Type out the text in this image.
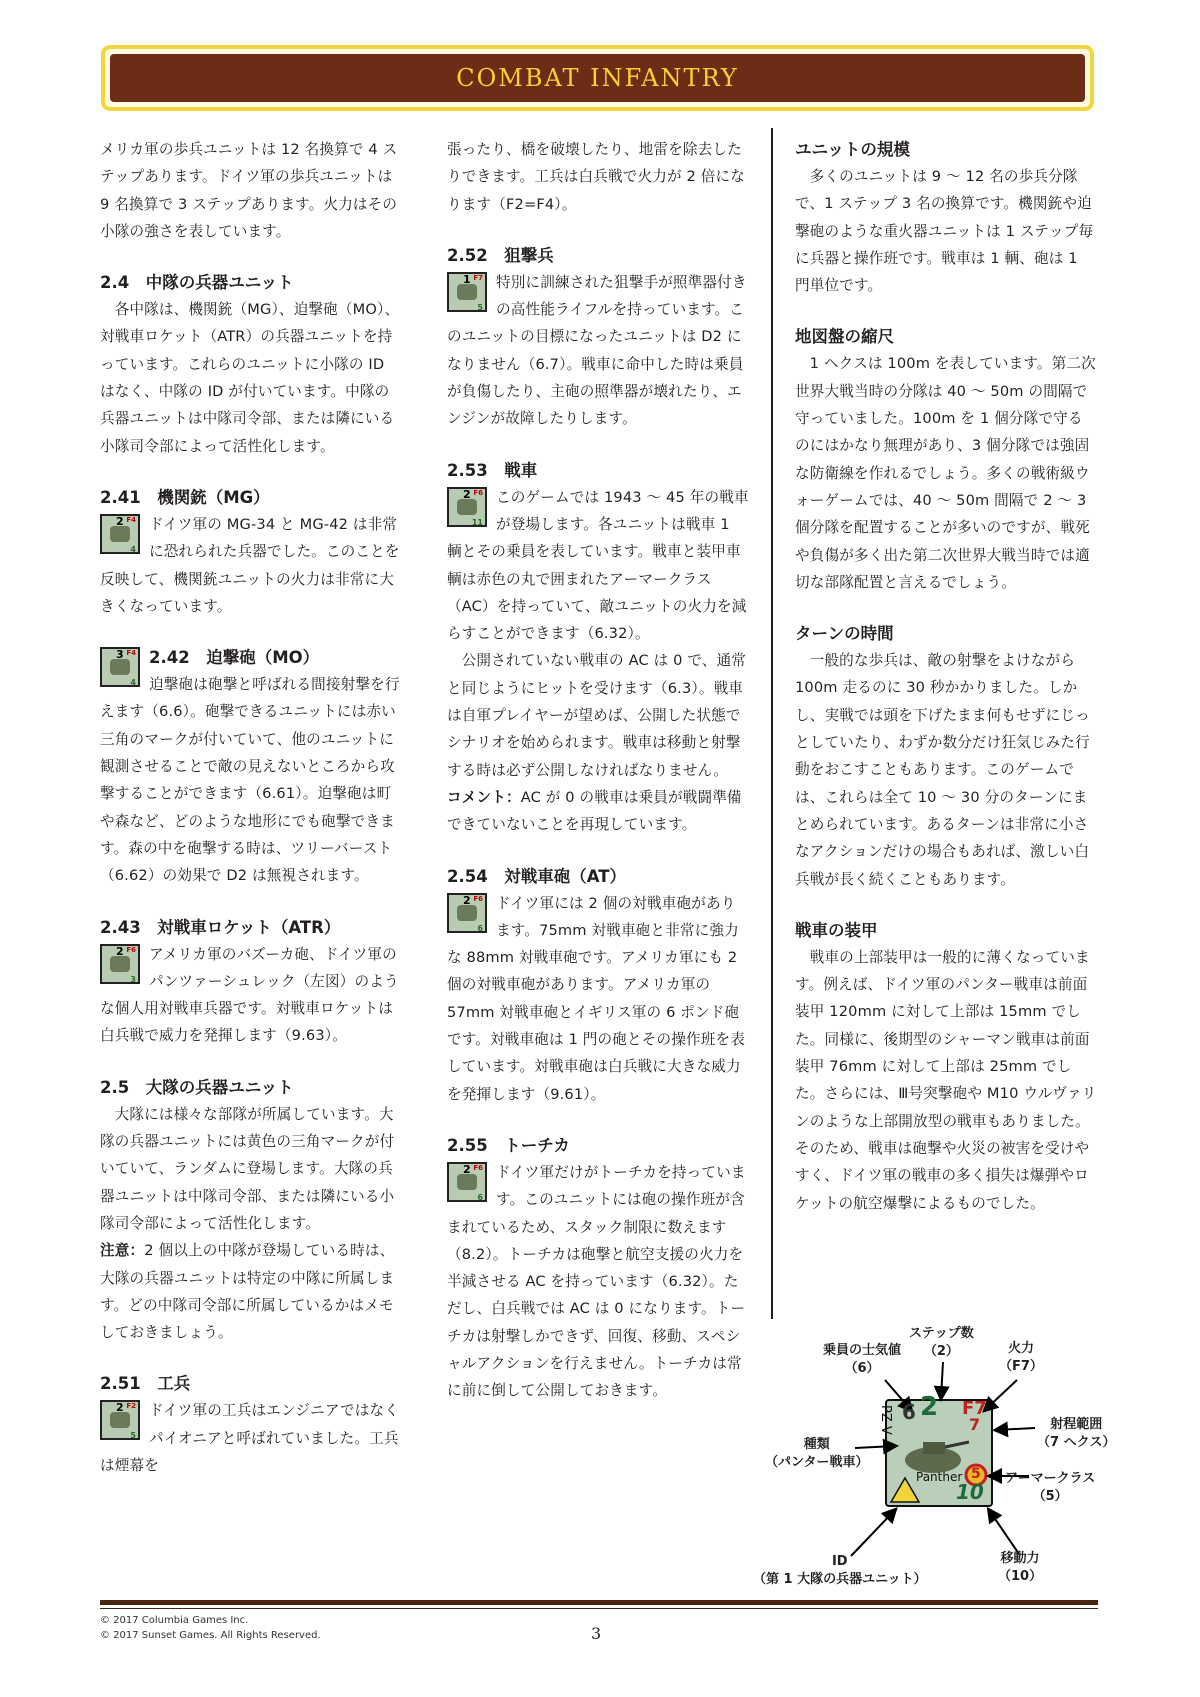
COMBAT INFANTRY

メリカ軍の歩兵ユニットは 12 名換算で 4 ステップあります。ドイツ軍の歩兵ユニットは 9 名換算で 3 ステップあります。火力はその小隊の強さを表しています。

2.4　中隊の兵器ユニット

各中隊は、機関銃（MG）、迫撃砲（MO）、対戦車ロケット（ATR）の兵器ユニットを持っています。これらのユニットに小隊の ID はなく、中隊の ID が付いています。中隊の兵器ユニットは中隊司令部、または隣にいる小隊司令部によって活性化します。

2.41　機関銃（MG）
2 F4
4

ドイツ軍の MG-34 と MG-42 は非常に恐れられた兵器でした。このことを反映して、機関銃ユニットの火力は非常に大きくなっています。

3 F4
4
2.42　迫撃砲（MO）

迫撃砲は砲撃と呼ばれる間接射撃を行えます（6.6）。砲撃できるユニットには赤い三角のマークが付いていて、他のユニットに観測させることで敵の見えないところから攻撃することができます（6.61）。迫撃砲は町や森など、どのような地形にでも砲撃できます。森の中を砲撃する時は、ツリーバースト（6.62）の効果で D2 は無視されます。

2.43　対戦車ロケット（ATR）
2 F6
3

アメリカ軍のバズーカ砲、ドイツ軍のパンツァーシュレック（左図）のような個人用対戦車兵器です。対戦車ロケットは白兵戦で威力を発揮します（9.63）。

2.5　大隊の兵器ユニット

大隊には様々な部隊が所属しています。大隊の兵器ユニットには黄色の三角マークが付いていて、ランダムに登場します。大隊の兵器ユニットは中隊司令部、または隣にいる小隊司令部によって活性化します。

注意：2 個以上の中隊が登場している時は、大隊の兵器ユニットは特定の中隊に所属します。どの中隊司令部に所属しているかはメモしておきましょう。

2.51　工兵
2 F2
5

ドイツ軍の工兵はエンジニアではなくパイオニアと呼ばれていました。工兵は煙幕を

張ったり、橋を破壊したり、地雷を除去したりできます。工兵は白兵戦で火力が 2 倍になります（F2=F4）。

2.52　狙撃兵
1 F7
5

特別に訓練された狙撃手が照準器付きの高性能ライフルを持っています。このユニットの目標になったユニットは D2 になりません（6.7）。戦車に命中した時は乗員が負傷したり、主砲の照準器が壊れたり、エンジンが故障したりします。

2.53　戦車
2 F6
11

このゲームでは 1943 〜 45 年の戦車が登場します。各ユニットは戦車 1 輌とその乗員を表しています。戦車と装甲車輌は赤色の丸で囲まれたアーマークラス（AC）を持っていて、敵ユニットの火力を減らすことができます（6.32）。

公開されていない戦車の AC は 0 で、通常と同じようにヒットを受けます（6.3）。戦車は自軍プレイヤーが望めば、公開した状態でシナリオを始められます。戦車は移動と射撃する時は必ず公開しなければなりません。

コメント：AC が 0 の戦車は乗員が戦闘準備できていないことを再現しています。

2.54　対戦車砲（AT）
2 F6
6

ドイツ軍には 2 個の対戦車砲があります。75mm 対戦車砲と非常に強力な 88mm 対戦車砲です。アメリカ軍にも 2 個の対戦車砲があります。アメリカ軍の 57mm 対戦車砲とイギリス軍の 6 ポンド砲です。対戦車砲は 1 門の砲とその操作班を表しています。対戦車砲は白兵戦に大きな威力を発揮します（9.61）。

2.55　トーチカ
2 F6
6

ドイツ軍だけがトーチカを持っています。このユニットには砲の操作班が含まれているため、スタック制限に数えます（8.2）。トーチカは砲撃と航空支援の火力を半減させる AC を持っています（6.32）。ただし、白兵戦では AC は 0 になります。トーチカは射撃しかできず、回復、移動、スペシャルアクションを行えません。トーチカは常に前に倒して公開しておきます。

ユニットの規模

多くのユニットは 9 〜 12 名の歩兵分隊で、1 ステップ 3 名の換算です。機関銃や迫撃砲のような重火器ユニットは 1 ステップ毎に兵器と操作班です。戦車は 1 輌、砲は 1 門単位です。

地図盤の縮尺

1 ヘクスは 100m を表しています。第二次世界大戦当時の分隊は 40 〜 50m の間隔で守っていました。100m を 1 個分隊で守るのにはかなり無理があり、3 個分隊では強固な防衛線を作れるでしょう。多くの戦術級ウォーゲームでは、40 〜 50m 間隔で 2 〜 3 個分隊を配置することが多いのですが、戦死や負傷が多く出た第二次世界大戦当時では適切な部隊配置と言えるでしょう。

ターンの時間

一般的な歩兵は、敵の射撃をよけながら 100m 走るのに 30 秒かかりました。しかし、実戦では頭を下げたまま何もせずにじっとしていたり、わずか数分だけ狂気じみた行動をおこすこともあります。このゲームでは、これらは全て 10 〜 30 分のターンにまとめられています。あるターンは非常に小さなアクションだけの場合もあれば、激しい白兵戦が長く続くこともあります。

戦車の装甲

戦車の上部装甲は一般的に薄くなっています。例えば、ドイツ軍のパンター戦車は前面装甲 120mm に対して上部は 15mm でした。同様に、後期型のシャーマン戦車は前面装甲 76mm に対して上部は 25mm でした。さらには、Ⅲ号突撃砲や M10 ウルヴァリンのような上部開放型の戦車もありました。そのため、戦車は砲撃や火災の被害を受けやすく、ドイツ軍の戦車の多く損失は爆弾やロケットの航空爆撃によるものでした。

PZ V 6 2 F7
7
Panther 5
10
ステップ数
（2）
乗員の士気値
（6）
火力
（F7）
射程範囲
（7 ヘクス）
種類
（パンター戦車）
アーマークラス
（5）
ID
（第 1 大隊の兵器ユニット）
移動力
（10）
© 2017 Columbia Games Inc.
© 2017 Sunset Games. All Rights Reserved.	3
